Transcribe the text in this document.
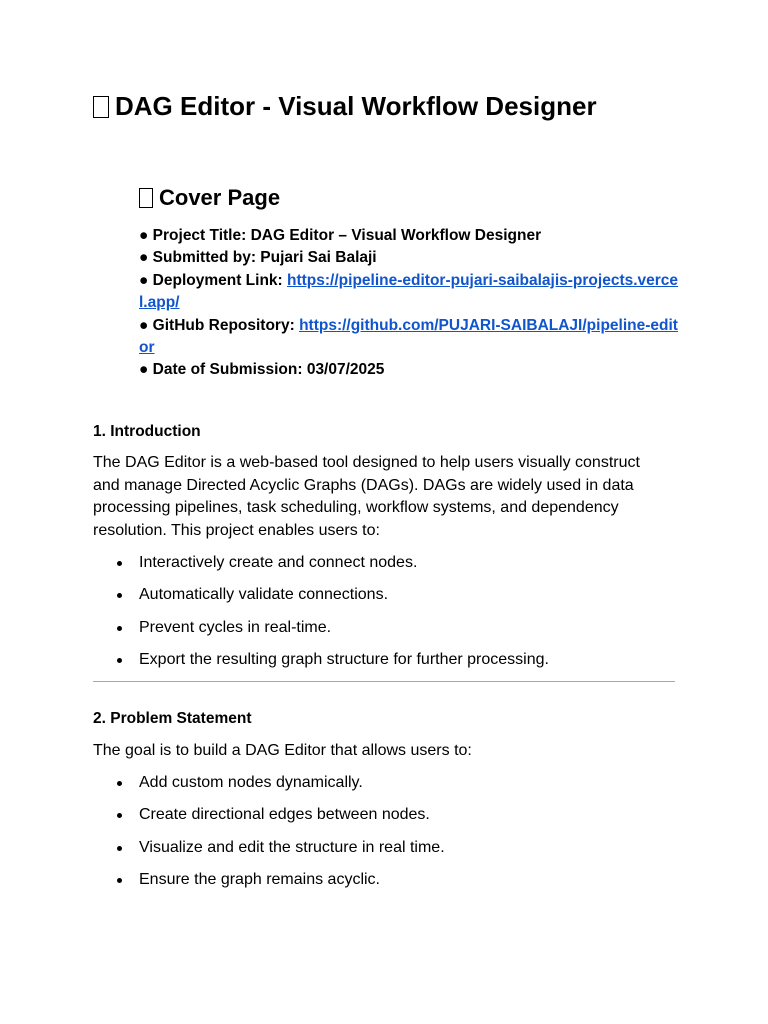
DAG Editor - Visual Workflow Designer
Cover Page
● Project Title: DAG Editor – Visual Workflow Designer
● Submitted by: Pujari Sai Balaji
● Deployment Link: https://pipeline-editor-pujari-saibalajis-projects.vercel.app/
● GitHub Repository: https://github.com/PUJARI-SAIBALAJI/pipeline-editor
● Date of Submission: 03/07/2025
1. Introduction

The DAG Editor is a web-based tool designed to help users visually construct and manage Directed Acyclic Graphs (DAGs). DAGs are widely used in data processing pipelines, task scheduling, workflow systems, and dependency resolution. This project enables users to:

Interactively create and connect nodes.
Automatically validate connections.
Prevent cycles in real-time.
Export the resulting graph structure for further processing.
2. Problem Statement

The goal is to build a DAG Editor that allows users to:

Add custom nodes dynamically.
Create directional edges between nodes.
Visualize and edit the structure in real time.
Ensure the graph remains acyclic.
